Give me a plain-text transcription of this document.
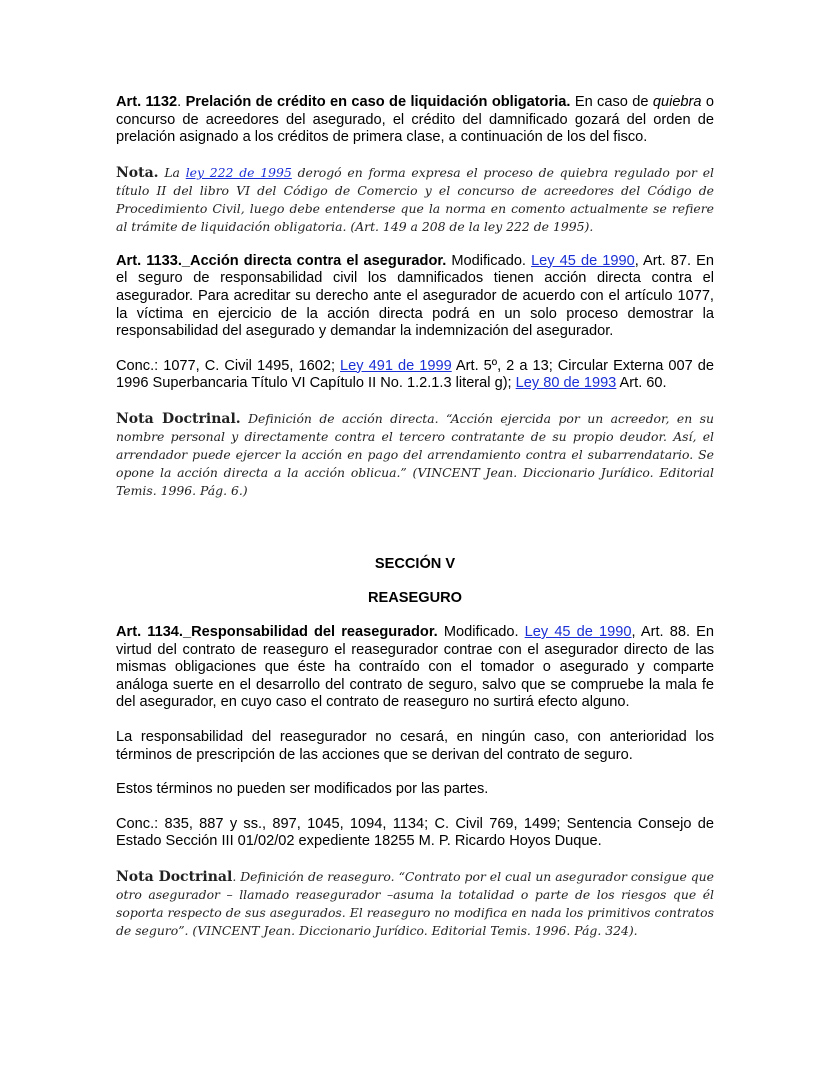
Art. 1132. Prelación de crédito en caso de liquidación obligatoria. En caso de quiebra o concurso de acreedores del asegurado, el crédito del damnificado gozará del orden de prelación asignado a los créditos de primera clase, a continuación de los del fisco.

Nota. La ley 222 de 1995 derogó en forma expresa el proceso de quiebra regulado por el título II del libro VI del Código de Comercio y el concurso de acreedores del Código de Procedimiento Civil, luego debe entenderse que la norma en comento actualmente se refiere al trámite de liquidación obligatoria. (Art. 149 a 208 de la ley 222 de 1995).

Art. 1133._Acción directa contra el asegurador. Modificado. Ley 45 de 1990, Art. 87. En el seguro de responsabilidad civil los damnificados tienen acción directa contra el asegurador. Para acreditar su derecho ante el asegurador de acuerdo con el artículo 1077, la víctima en ejercicio de la acción directa podrá en un solo proceso demostrar la responsabilidad del asegurado y demandar la indemnización del asegurador.

Conc.: 1077, C. Civil 1495, 1602; Ley 491 de 1999 Art. 5º, 2 a 13; Circular Externa 007 de 1996 Superbancaria Título VI Capítulo II No. 1.2.1.3 literal g); Ley 80 de 1993 Art. 60.

Nota Doctrinal. Definición de acción directa. “Acción ejercida por un acreedor, en su nombre personal y directamente contra el tercero contratante de su propio deudor. Así, el arrendador puede ejercer la acción en pago del arrendamiento contra el subarrendatario. Se opone la acción directa a la acción oblicua.” (VINCENT Jean. Diccionario Jurídico. Editorial Temis. 1996. Pág. 6.)

SECCIÓN V

REASEGURO

Art. 1134._Responsabilidad del reasegurador. Modificado. Ley 45 de 1990, Art. 88. En virtud del contrato de reaseguro el reasegurador contrae con el asegurador directo de las mismas obligaciones que éste ha contraído con el tomador o asegurado y comparte análoga suerte en el desarrollo del contrato de seguro, salvo que se compruebe la mala fe del asegurador, en cuyo caso el contrato de reaseguro no surtirá efecto alguno.

La responsabilidad del reasegurador no cesará, en ningún caso, con anterioridad los términos de prescripción de las acciones que se derivan del contrato de seguro.

Estos términos no pueden ser modificados por las partes.

Conc.: 835, 887 y ss., 897, 1045, 1094, 1134; C. Civil 769, 1499; Sentencia Consejo de Estado Sección III 01/02/02 expediente 18255 M. P. Ricardo Hoyos Duque.

Nota Doctrinal. Definición de reaseguro. “Contrato por el cual un asegurador consigue que otro asegurador – llamado reasegurador –asuma la totalidad o parte de los riesgos que él soporta respecto de sus asegurados. El reaseguro no modifica en nada los primitivos contratos de seguro”. (VINCENT Jean. Diccionario Jurídico. Editorial Temis. 1996. Pág. 324).
